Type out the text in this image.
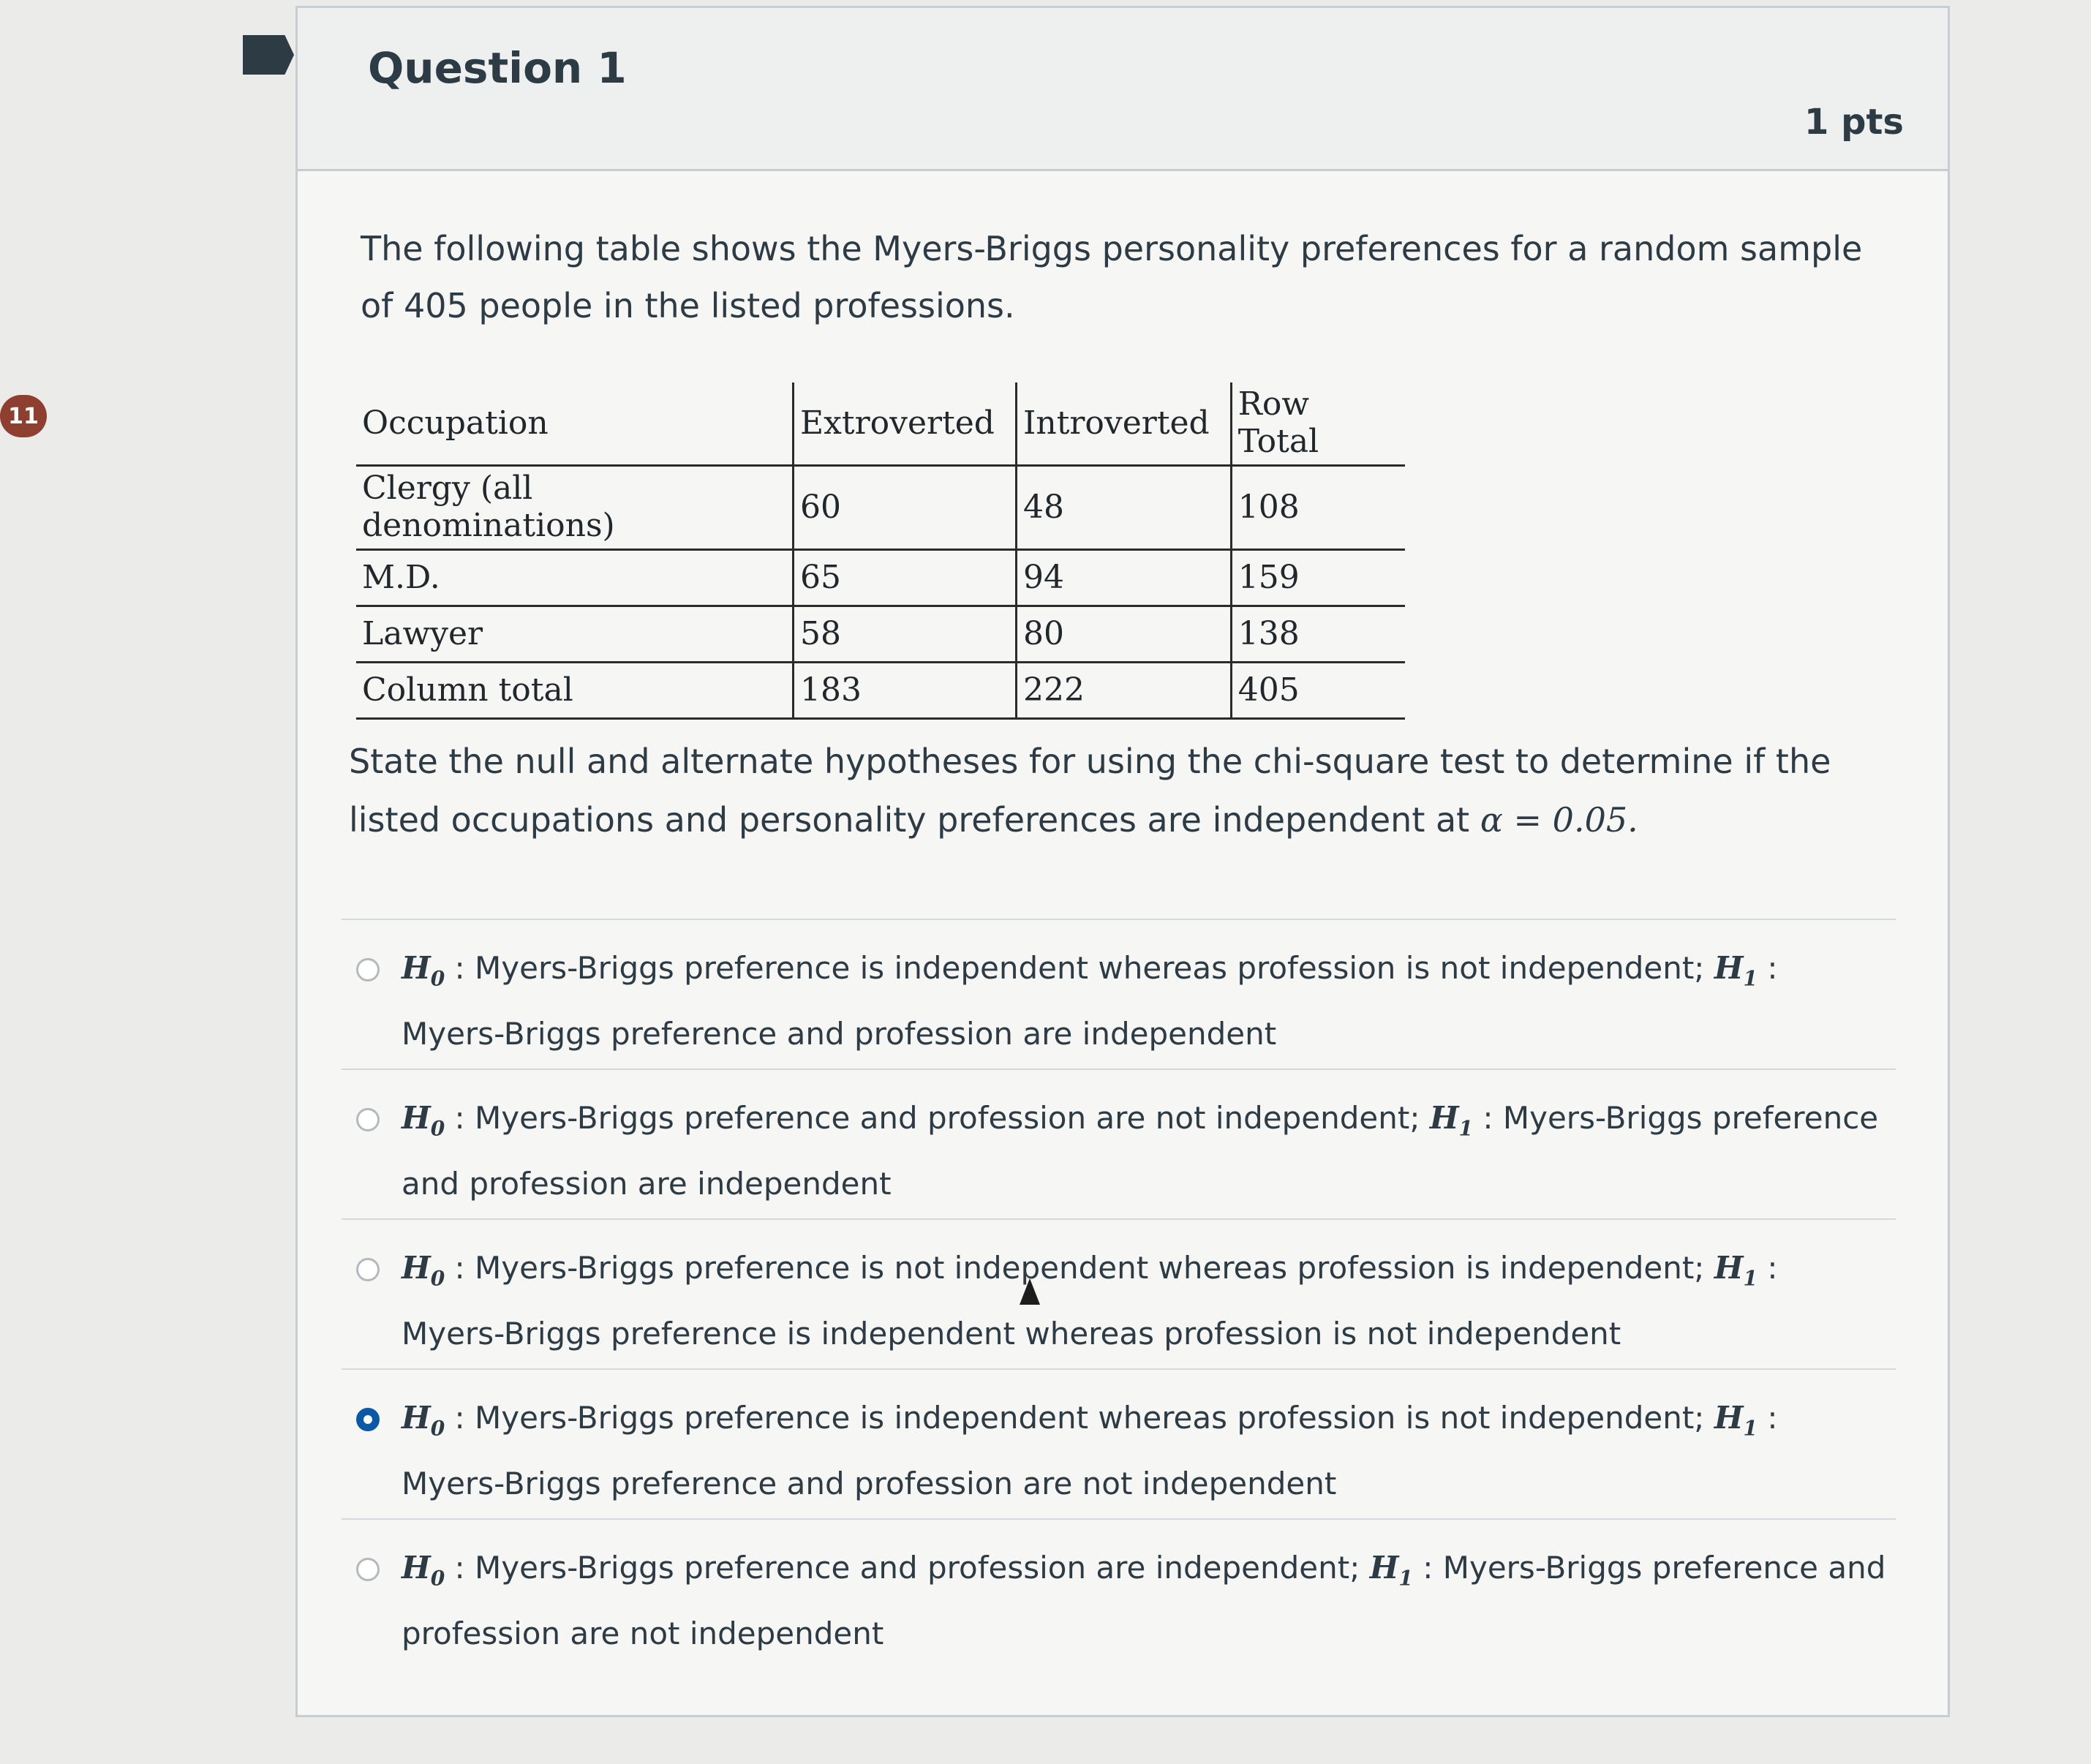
11
Question 1
1 pts
The following table shows the Myers-Briggs personality preferences for a random sample of 405 people in the listed professions.
Occupation	Extroverted	Introverted	Row Total
Clergy (all denominations)	60	48	108
M.D.	65	94	159
Lawyer	58	80	138
Column total	183	222	405
State the null and alternate hypotheses for using the chi-square test to determine if the listed occupations and personality preferences are independent at α = 0.05.
$H_0$ : Myers-Briggs preference is independent whereas profession is not independent; $H_1$ : Myers-Briggs preference and profession are independent
$H_0$ : Myers-Briggs preference and profession are not independent; $H_1$ : Myers-Briggs preference and profession are independent
$H_0$ : Myers-Briggs preference is not independent whereas profession is independent; $H_1$ : Myers-Briggs preference is independent whereas profession is not independent
$H_0$ : Myers-Briggs preference is independent whereas profession is not independent; $H_1$ : Myers-Briggs preference and profession are not independent
$H_0$ : Myers-Briggs preference and profession are independent; $H_1$ : Myers-Briggs preference and profession are not independent
